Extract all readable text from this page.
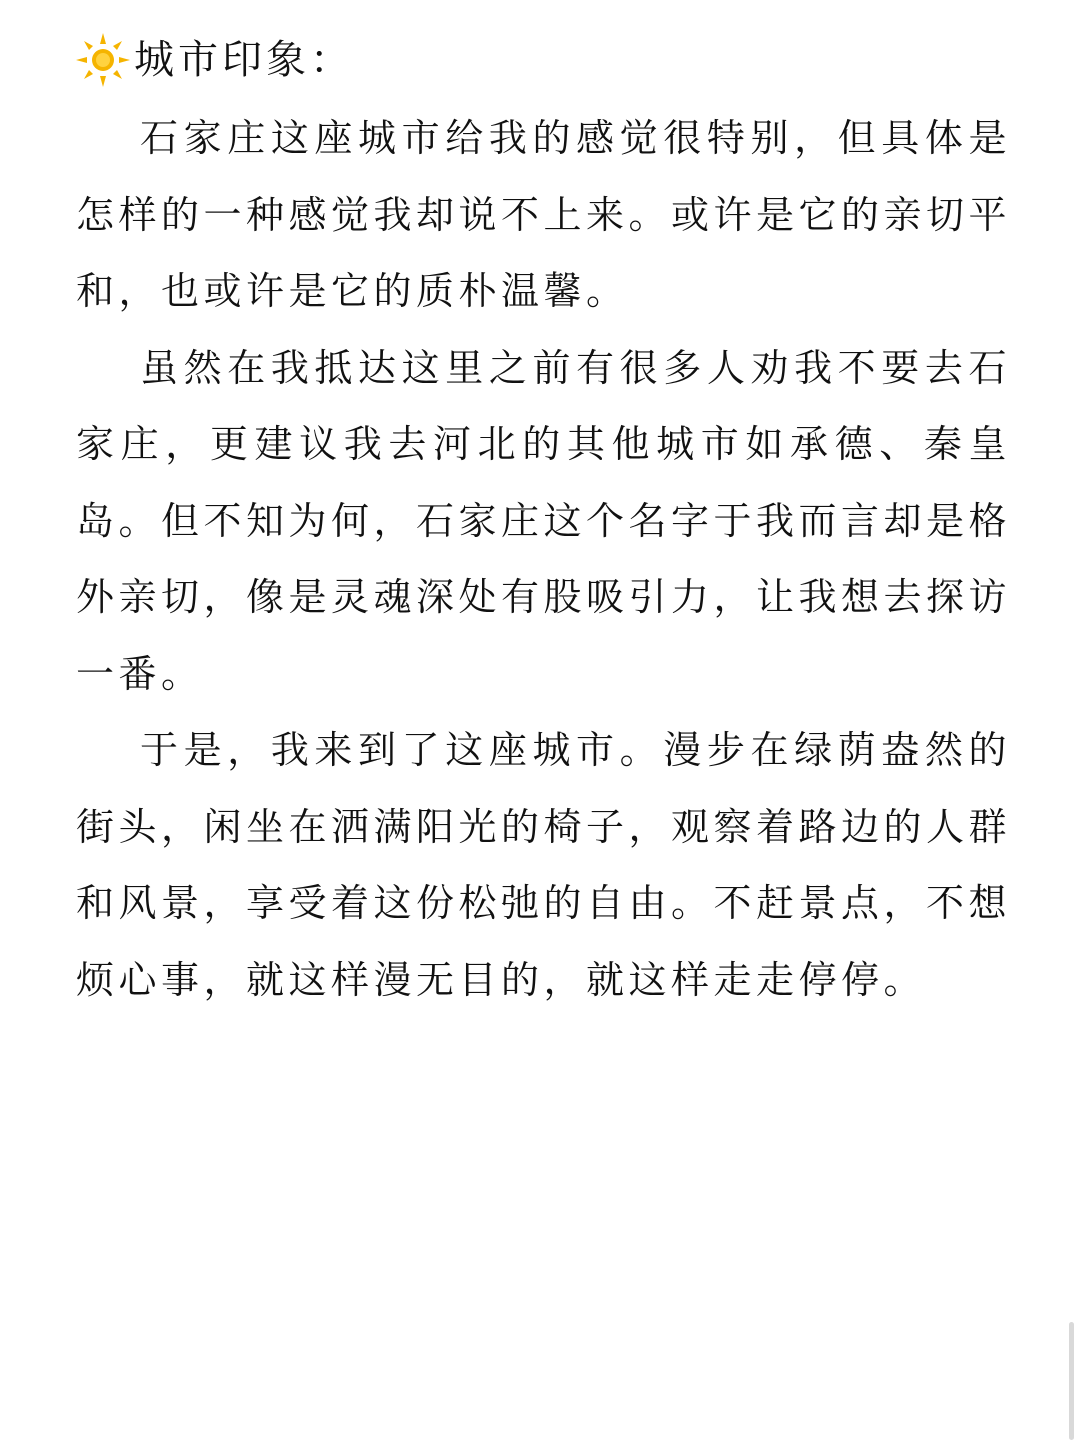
城市印象：

石家庄这座城市给我的感觉很特别，但具体是怎样的一种感觉我却说不上来。或许是它的亲切平和，也或许是它的质朴温馨。

虽然在我抵达这里之前有很多人劝我不要去石家庄，更建议我去河北的其他城市如承德、秦皇岛。但不知为何，石家庄这个名字于我而言却是格外亲切，像是灵魂深处有股吸引力，让我想去探访一番。

于是，我来到了这座城市。漫步在绿荫盎然的街头，闲坐在洒满阳光的椅子，观察着路边的人群和风景，享受着这份松弛的自由。不赶景点，不想烦心事，就这样漫无目的，就这样走走停停。
